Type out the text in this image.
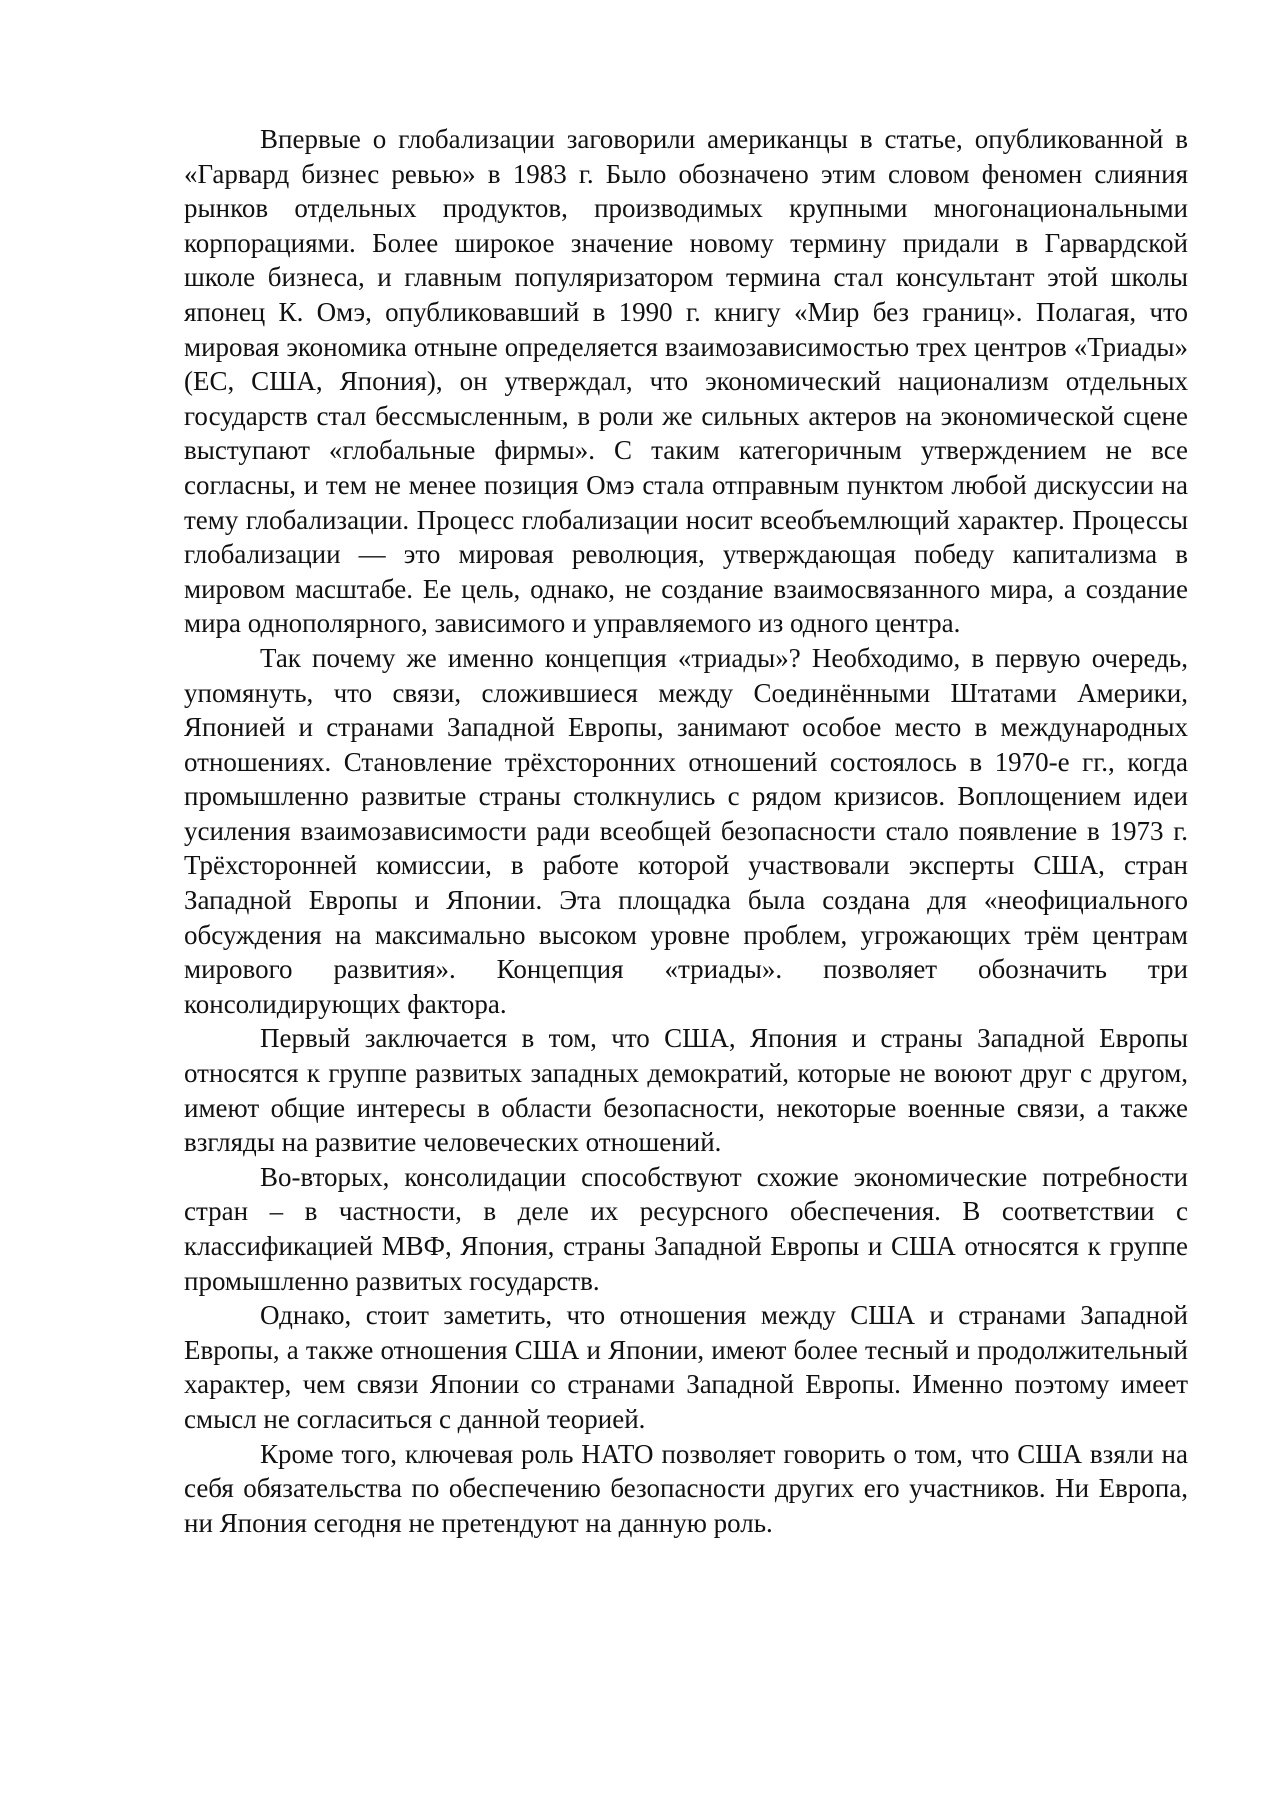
Впервые о глобализации заговорили американцы в статье, опубликованной в «Гарвард бизнес ревью» в 1983 г. Было обозначено этим словом феномен слияния рынков отдельных продуктов, производимых крупными многонациональными корпорациями. Более широкое значение новому термину придали в Гарвардской школе бизнеса, и главным популяризатором термина стал консультант этой школы японец К. Омэ, опубликовавший в 1990 г. книгу «Мир без границ». Полагая, что мировая экономика отныне определяется взаимозависимостью трех центров «Триады» (ЕС, США, Япония), он утверждал, что экономический национализм отдельных государств стал бессмысленным, в роли же сильных актеров на экономической сцене выступают «глобальные фирмы». С таким категоричным утверждением не все согласны, и тем не менее позиция Омэ стала отправным пунктом любой дискуссии на тему глобализации. Процесс глобализации носит всеобъемлющий характер. Процессы глобализации — это мировая революция, утверждающая победу капитализма в мировом масштабе. Ее цель, однако, не создание взаимосвязанного мира, а создание мира однополярного, зависимого и управляемого из одного центра.

Так почему же именно концепция «триады»? Необходимо, в первую очередь, упомянуть, что связи, сложившиеся между Соединёнными Штатами Америки, Японией и странами Западной Европы, занимают особое место в международных отношениях. Становление трёхсторонних отношений состоялось в 1970-е гг., когда промышленно развитые страны столкнулись с рядом кризисов. Воплощением идеи усиления взаимозависимости ради всеобщей безопасности стало появление в 1973 г. Трёхсторонней комиссии, в работе которой участвовали эксперты США, стран Западной Европы и Японии. Эта площадка была создана для «неофициального обсуждения на максимально высоком уровне проблем, угрожающих трём центрам мирового развития». Концепция «триады». позволяет обозначить три консолидирующих фактора.

Первый заключается в том, что США, Япония и страны Западной Европы относятся к группе развитых западных демократий, которые не воюют друг с другом, имеют общие интересы в области безопасности, некоторые военные связи, а также взгляды на развитие человеческих отношений.

Во-вторых, консолидации способствуют схожие экономические потребности стран – в частности, в деле их ресурсного обеспечения. В соответствии с классификацией МВФ, Япония, страны Западной Европы и США относятся к группе промышленно развитых государств.

Однако, стоит заметить, что отношения между США и странами Западной Европы, а также отношения США и Японии, имеют более тесный и продолжительный характер, чем связи Японии со странами Западной Европы. Именно поэтому имеет смысл не согласиться с данной теорией.

Кроме того, ключевая роль НАТО позволяет говорить о том, что США взяли на себя обязательства по обеспечению безопасности других его участников. Ни Европа, ни Япония сегодня не претендуют на данную роль.
